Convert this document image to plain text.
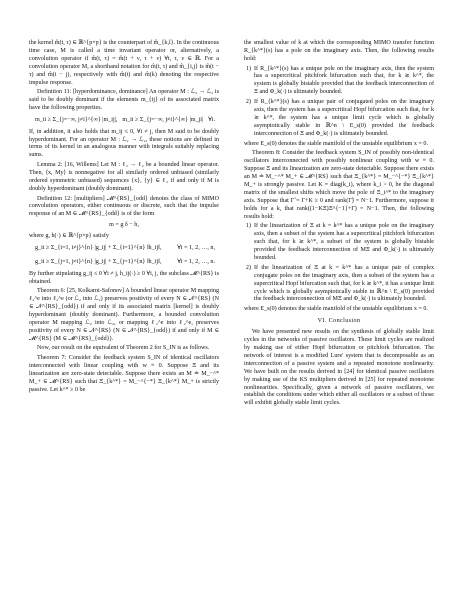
the kernel m̂(t, τ) ∈ ℝ^{p×p} is the counterpart of m̂_{k,l}. In the continuous time case, M is called a time invariant operator or, alternatively, a convolution operator if m̂(t, τ) = m̂(t + ν, τ + ν) ∀t, τ, ν ∈ ℝ. For a convolution operator M, a shorthand notation for m̂(t, τ) and m̂_{i,j} is m̂(t − τ) and m̂(i − j), respectively with m̂(t) and m̂(k) denoting the respective impulse response.

Definition 11: [hyperdominance, dominance] An operator M : ℒ₂ → ℒ₂ is said to be doubly dominant if the elements m_{ij} of its associated matrix have the following properties.

m_ii ≥ Σ_{j=−∞, j≠i}^{∞} |m_ij|, m_ii ≥ Σ_{j=−∞, j≠i}^{∞} |m_ji| ∀i.

If, in addition, it also holds that m_ij ≤ 0, ∀i ≠ j, then M said to be doubly hyperdominant. For an operator M : ℒ₂ → ℒ₂, these notions are defined in terms of its kernel in an analogous manner with integrals suitably replacing sums.

Lemma 2: [16, Willems] Let M : ℓ₂ → ℓ₂ be a bounded linear operator. Then, ⟨x, My⟩ is nonnegative for all similarly ordered unbiased (similarly ordered symmetric unbiased) sequences {x}, {y} ∈ ℓ₂ if and only if M is doubly hyperdominant (doubly dominant).

Definition 12: [multipliers] 𝓜^{RS}_{odd} denotes the class of MIMO convolution operators, either continuous or discrete, such that the impulse response of an M ∈ 𝓜^{RS}_{odd} is of the form

m = g δ − h,

where g, h(·) ∈ ℝ^{p×p} satisfy

g_ii ≥ Σ_{i=1, i≠j}^{n} |g_ij| + Σ_{i=1}^{n} ‖h_ij‖₁	∀i = 1, 2, …, n,
g_ii ≥ Σ_{j=1, j≠i}^{n} |g_ij| + Σ_{j=1}^{n} ‖h_ij‖₁	∀i = 1, 2, …, n.

By further stipulating g_ij ≤ 0 ∀i ≠ j, h_ij(·) ≥ 0 ∀i, j, the subclass 𝓜^{RS} is obtained.

Theorem 6: [25, Kolkarni-Safonov] A bounded linear operator M mapping ℓ₂^e into ℓ₂^e (or ℒ₂ into ℒ₂) preserves positivity of every N ∈ 𝒩^{RS} (N ∈ 𝒩^{RS}_{odd}) if and only if its associated matrix [kernel] is doubly hyperdominant (doubly dominant). Furthermore, a bounded convolution operator M mapping ℒ₂ into ℒ₂, or mapping ℓ₂^e into ℓ₂^e, preserves positivity of every N ∈ 𝒩^{RS} (N ∈ 𝒩^{RS}_{odd}) if and only if M ∈ 𝓜^{RS} (M ∈ 𝓜^{RS}_{odd}).

Now, our result on the equivalent of Theorem 2 for S_IN is as follows.

Theorem 7: Consider the feedback system S_IN of identical oscillators interconnected with linear coupling with w ≡ 0. Suppose Ξ and its linearization are zero-state detectable. Suppose there exists an M ≐ M_−^* M_+ ∈ 𝓜^{RS} such that Ξ_{k^*} = M_−^{−*} Ξ_{k^*} M_+ is strictly passive. Let k^* ≥ 0 be

the smallest value of k at which the corresponding MIMO transfer function R_{k^*}(s) has a pole on the imaginary axis. Then, the following results hold:

1) If R_{k^*}(s) has a unique pole on the imaginary axis, then the system has a supercritical pitchfork bifurcation such that, for k ≳ k^*, the system is globally bistable provided that the feedback interconnection of Ξ and Φ_k(·) is ultimately bounded.
2) If R_{k^*}(s) has a unique pair of conjugated poles on the imaginary axis, then the system has a supercritical Hopf bifurcation such that, for k ≳ k^*, the system has a unique limit cycle which is globally asymptotically stable in ℝ^n \ E_s(0) provided the feedback interconnection of Ξ and Φ_k(·) is ultimately bounded.

where E_s(0) denotes the stable manifold of the unstable equilibrium x = 0.

Theorem 8: Consider the feedback system S_IN of possibly non-identical oscillators interconnected with possibly nonlinear coupling with w ≡ 0. Suppose Ξ and its linearization are zero-state detectable. Suppose there exists an M ≐ M_−^* M_+ ∈ 𝓜^{RS} such that Ξ_{k^*} = M_−^{−*} Ξ_{k^*} M_+ is strongly passive. Let K = diag(k_i), where k_i > 0, be the diagonal matrix of the smallest shifts which move the pole of Ξ_i^* to the imaginary axis. Suppose that Γ̃ = Γ+K ≥ 0 and rank(Γ̃) = N−1. Furthermore, suppose it holds for a k, that rank((1−KΞ)Ξ^{−1}+Γ) = N−1. Then, the following results hold:

1) If the linearization of Ξ at k = k^* has a unique pole on the imaginary axis, then a subset of the system has a supercritical pitchfork bifurcation such that, for k ≳ k^*, a subset of the system is globally bistable provided the feedback interconnection of MΞ and Φ_k(·) is ultimately bounded.
2) If the linearization of Ξ at k = k^* has a unique pair of complex conjugate poles on the imaginary axis, then a subset of the system has a supercritical Hopf bifurcation such that, for k ≳ k^*, it has a unique limit cycle which is globally asymptotically stable in ℝ^n \ E_s(0) provided the feedback interconnection of MΞ and Φ_k(·) is ultimately bounded.

where E_s(0) denotes the stable manifold of the unstable equilibrium x = 0.

VI. Conclusion

We have presented new results on the synthesis of globally stable limit cycles in the networks of passive oscillators. These limit cycles are realized by making use of either Hopf bifurcation or pitchfork bifurcation. The network of interest is a modified Lure' system that is decomposable as an interconnection of a passive system and a repeated monotone nonlinearity. We have built on the results derived in [24] for identical passive oscillators by making use of the KS multipliers derived in [25] for repeated monotone nonlinearities. Specifically, given a network of passive oscillators, we establish the conditions under which either all oscillators or a subset of those will exhibit globally stable limit cycles.
